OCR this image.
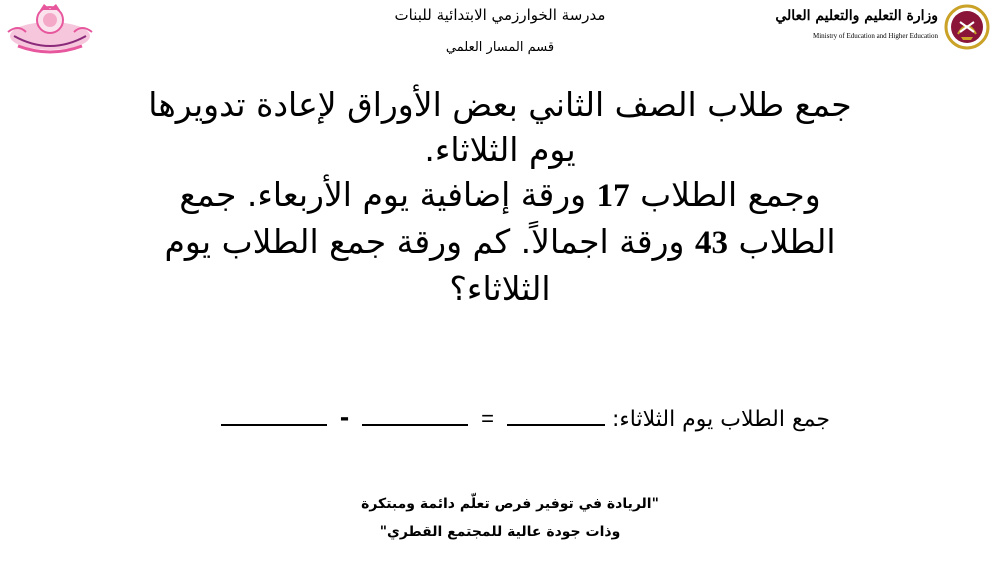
مدرسة الخوارزمي الابتدائية للبنات
قسم المسار العلمي
وزارة التعليم والتعليم العالي
Ministry of Education and Higher Education
جمع طلاب الصف الثاني بعض الأوراق لإعادة تدويرها
يوم الثلاثاء.
وجمع الطلاب 17 ورقة إضافية يوم الأربعاء. جمع
الطلاب 43 ورقة اجمالاً. كم ورقة جمع الطلاب يوم
الثلاثاء؟
جمع الطلاب يوم الثلاثاء:  =  -
"الريادة في توفير فرص تعلّم دائمة ومبتكرة
وذات جودة عالية للمجتمع القطري"
